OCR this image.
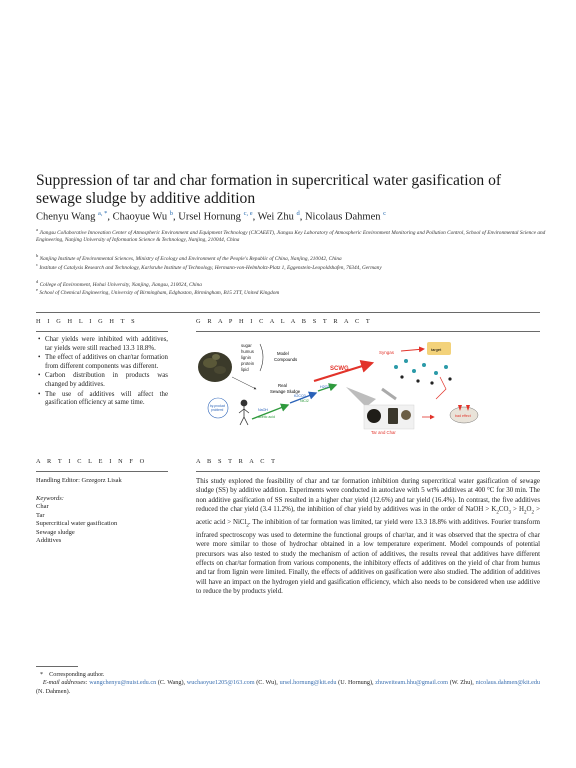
Suppression of tar and char formation in supercritical water gasification of sewage sludge by additive addition
Chenyu Wang $^{a, *}$, Chaoyue Wu $^b$, Ursel Hornung $^{c, e}$, Wei Zhu $^d$, Nicolaus Dahmen $^c$
$^a$ Jiangsu Collaborative Innovation Center of Atmospheric Environment and Equipment Technology (CICAEET), Jiangsu Key Laboratory of Atmospheric Environment Monitoring and Pollution Control, School of Environmental Science and Engineering, Nanjing University of Information Science & Technology, Nanjing, 210044, China
$^b$ Nanjing Institute of Environmental Sciences, Ministry of Ecology and Environment of the People's Republic of China, Nanjing, 210042, China
$^c$ Institute of Catalysis Research and Technology, Karlsruhe Institute of Technology, Hermann-von-Helmholtz-Platz 1, Eggenstein-Leopoldshafen, 76344, Germany
$^d$ College of Environment, Hohai University, Nanjing, Jiangsu, 210024, China
$^e$ School of Chemical Engineering, University of Birmingham, Edgbaston, Birmingham, B15 2TT, United Kingdom
H I G H L I G H T S
• Char yields were inhibited with additives, tar yields were still reached 13.3 18.8%.
• The effect of additives on char/tar formation from different components was different.
• Carbon distribution in products was changed by additives.
• The use of additives will affect the gasification efficiency at same time.
G R A P H I C A L A B S T R A C T
sugar
humus
lignin
protein
lipid
Model
Compounds
Real
Sewage Sludge
SCWG
Syngas
target
by-product
problem!	NaOH
acetic acid
K2CO3
NiCl2
H2O2
Tar and Char
bad effect
A R T I C L E I N F O
Handling Editor: Grzegorz Lisak
Keywords:
Char
Tar
Supercritical water gasification
Sewage sludge
Additives
A B S T R A C T
This study explored the feasibility of char and tar formation inhibition during supercritical water gasification of sewage sludge (SS) by additive addition. Experiments were conducted in autoclave with 5 wt% additives at 400 °C for 30 min. The non additive gasification of SS resulted in a higher char yield (12.6%) and tar yield (16.4%). In contrast, the five additives reduced the char yield (3.4 11.2%), the inhibition of char yield by additives was in the order of NaOH > $K_2CO_3 > H_2O_2$ > acetic acid > NiCl$_2$. The inhibition of tar formation was limited, tar yield were 13.3 18.8% with additives. Fourier transform infrared spectroscopy was used to determine the functional groups of char/tar, and it was observed that the spectra of char were more similar to those of hydrochar obtained in a low temperature experiment. Model compounds of potential precursors was also tested to study the mechanism of action of additives, the results reveal that additives have different effects on char/tar formation from various components, the inhibitory effects of additives on the yield of char from humus and tar from lignin were limited. Finally, the effects of additives on gasification were also studied. The addition of additives will have an impact on the hydrogen yield and gasification efficiency, which also needs to be considered when use additive to reduce the by products yield.
* Corresponding author.
E-mail addresses: wangchenyu@nuist.edu.cn (C. Wang), wuchaoyue1205@163.com (C. Wu), ursel.hornung@kit.edu (U. Hornung), zhuweiteam.hhu@gmail.com (W. Zhu), nicolaus.dahmen@kit.edu (N. Dahmen).
